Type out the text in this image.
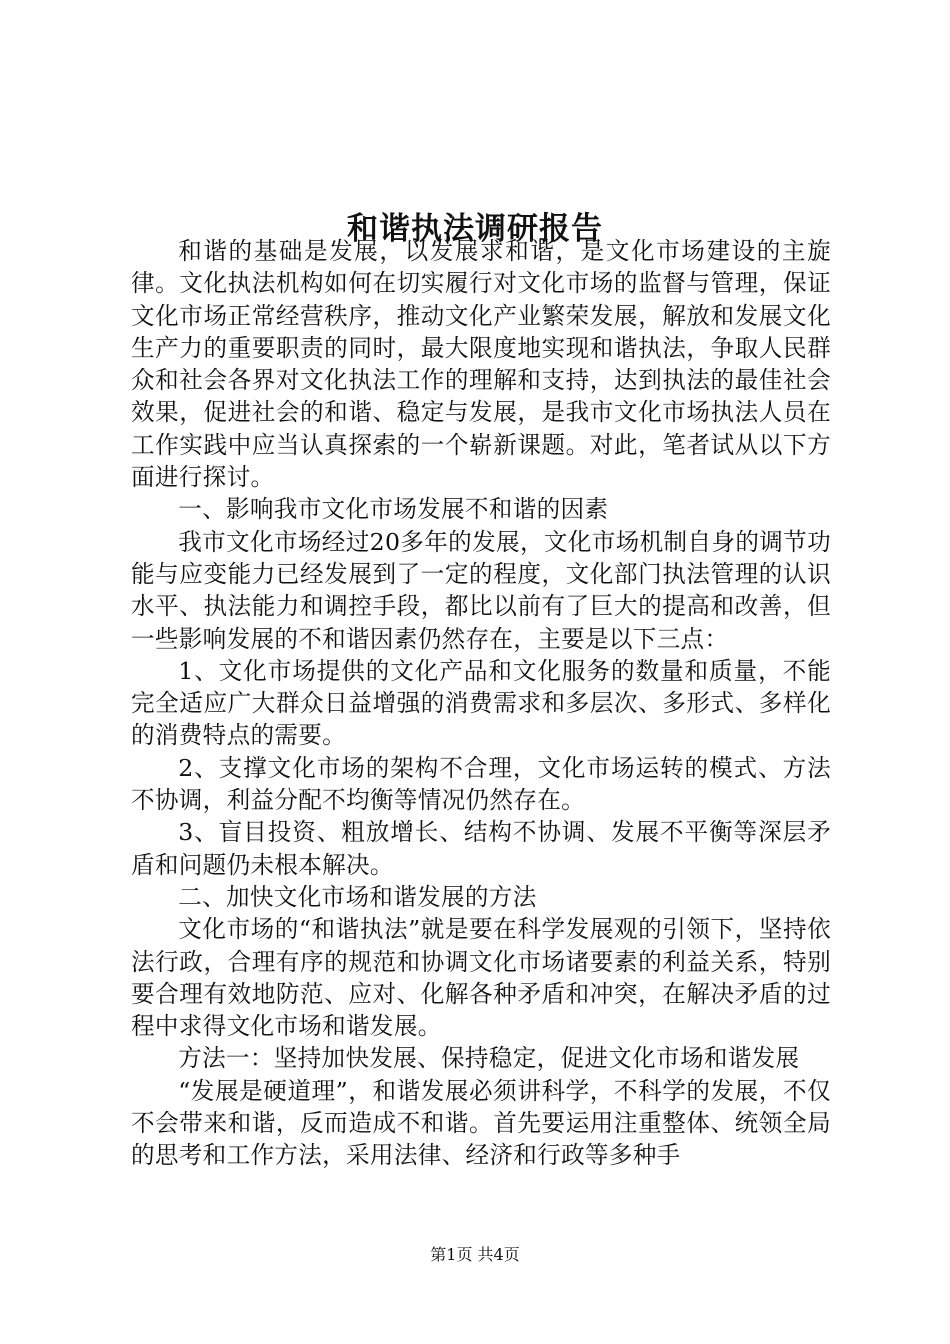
和谐执法调研报告

和谐的基础是发展，以发展求和谐，是文化市场建设的主旋律。文化执法机构如何在切实履行对文化市场的监督与管理，保证文化市场正常经营秩序，推动文化产业繁荣发展，解放和发展文化生产力的重要职责的同时，最大限度地实现和谐执法，争取人民群众和社会各界对文化执法工作的理解和支持，达到执法的最佳社会效果，促进社会的和谐、稳定与发展，是我市文化市场执法人员在工作实践中应当认真探索的一个崭新课题。对此，笔者试从以下方面进行探讨。

一、影响我市文化市场发展不和谐的因素

我市文化市场经过20多年的发展，文化市场机制自身的调节功能与应变能力已经发展到了一定的程度，文化部门执法管理的认识水平、执法能力和调控手段，都比以前有了巨大的提高和改善，但一些影响发展的不和谐因素仍然存在，主要是以下三点：

1、文化市场提供的文化产品和文化服务的数量和质量，不能完全适应广大群众日益增强的消费需求和多层次、多形式、多样化的消费特点的需要。

2、支撑文化市场的架构不合理，文化市场运转的模式、方法不协调，利益分配不均衡等情况仍然存在。

3、盲目投资、粗放增长、结构不协调、发展不平衡等深层矛盾和问题仍未根本解决。

二、加快文化市场和谐发展的方法

文化市场的“和谐执法”就是要在科学发展观的引领下，坚持依法行政，合理有序的规范和协调文化市场诸要素的利益关系，特别要合理有效地防范、应对、化解各种矛盾和冲突，在解决矛盾的过程中求得文化市场和谐发展。

方法一：坚持加快发展、保持稳定，促进文化市场和谐发展

“发展是硬道理”，和谐发展必须讲科学，不科学的发展，不仅不会带来和谐，反而造成不和谐。首先要运用注重整体、统领全局的思考和工作方法，采用法律、经济和行政等多种手

第1页 共4页
